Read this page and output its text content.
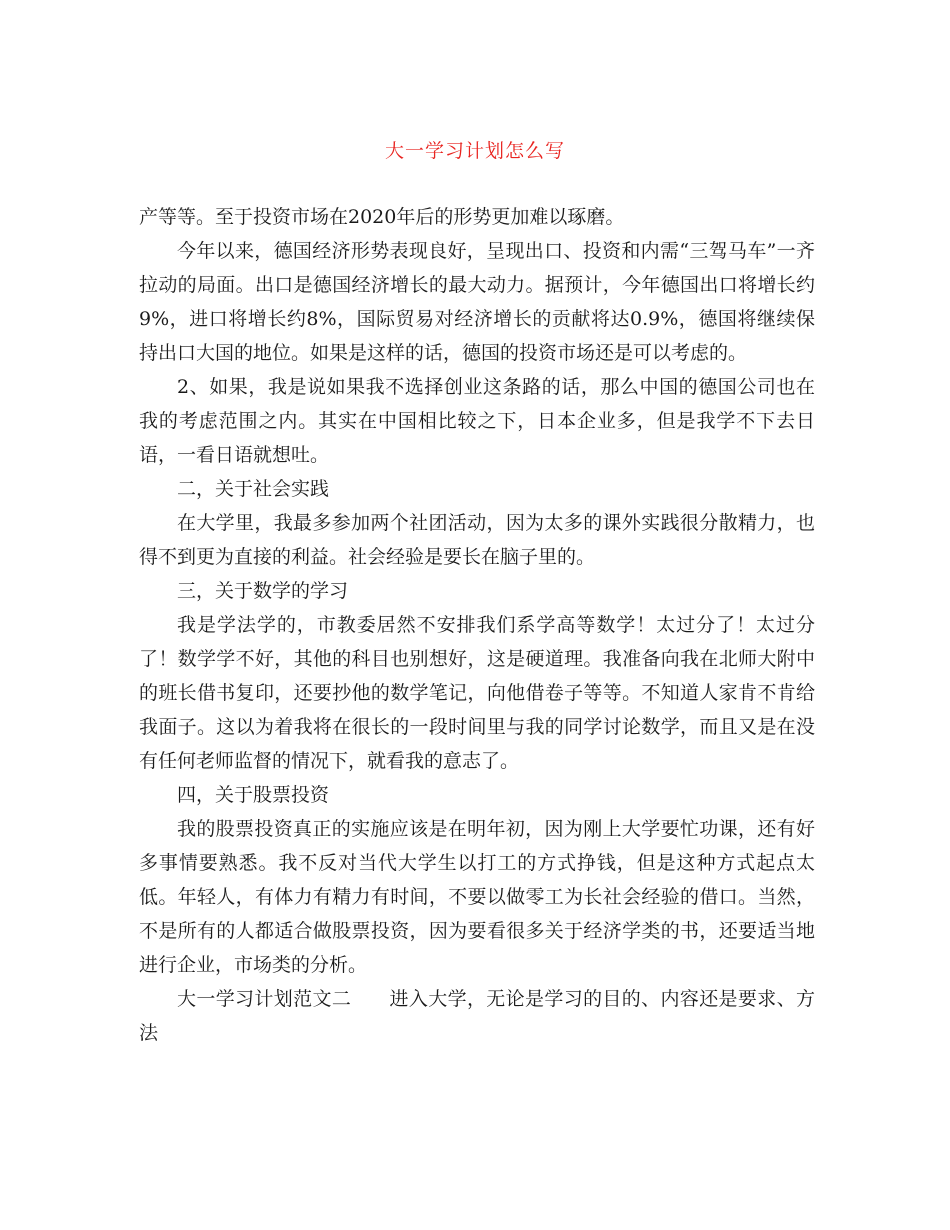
大一学习计划怎么写

产等等。至于投资市场在2020年后的形势更加难以琢磨。

今年以来，德国经济形势表现良好，呈现出口、投资和内需“三驾马车”一齐拉动的局面。出口是德国经济增长的最大动力。据预计，今年德国出口将增长约9%，进口将增长约8%，国际贸易对经济增长的贡献将达0.9%，德国将继续保持出口大国的地位。如果是这样的话，德国的投资市场还是可以考虑的。

2、如果，我是说如果我不选择创业这条路的话，那么中国的德国公司也在我的考虑范围之内。其实在中国相比较之下，日本企业多，但是我学不下去日语，一看日语就想吐。

二，关于社会实践

在大学里，我最多参加两个社团活动，因为太多的课外实践很分散精力，也得不到更为直接的利益。社会经验是要长在脑子里的。

三，关于数学的学习

我是学法学的，市教委居然不安排我们系学高等数学！太过分了！太过分了！数学学不好，其他的科目也别想好，这是硬道理。我准备向我在北师大附中的班长借书复印，还要抄他的数学笔记，向他借卷子等等。不知道人家肯不肯给我面子。这以为着我将在很长的一段时间里与我的同学讨论数学，而且又是在没有任何老师监督的情况下，就看我的意志了。

四，关于股票投资

我的股票投资真正的实施应该是在明年初，因为刚上大学要忙功课，还有好多事情要熟悉。我不反对当代大学生以打工的方式挣钱，但是这种方式起点太低。年轻人，有体力有精力有时间，不要以做零工为长社会经验的借口。当然，不是所有的人都适合做股票投资，因为要看很多关于经济学类的书，还要适当地进行企业，市场类的分析。

大一学习计划范文二 进入大学，无论是学习的目的、内容还是要求、方法
